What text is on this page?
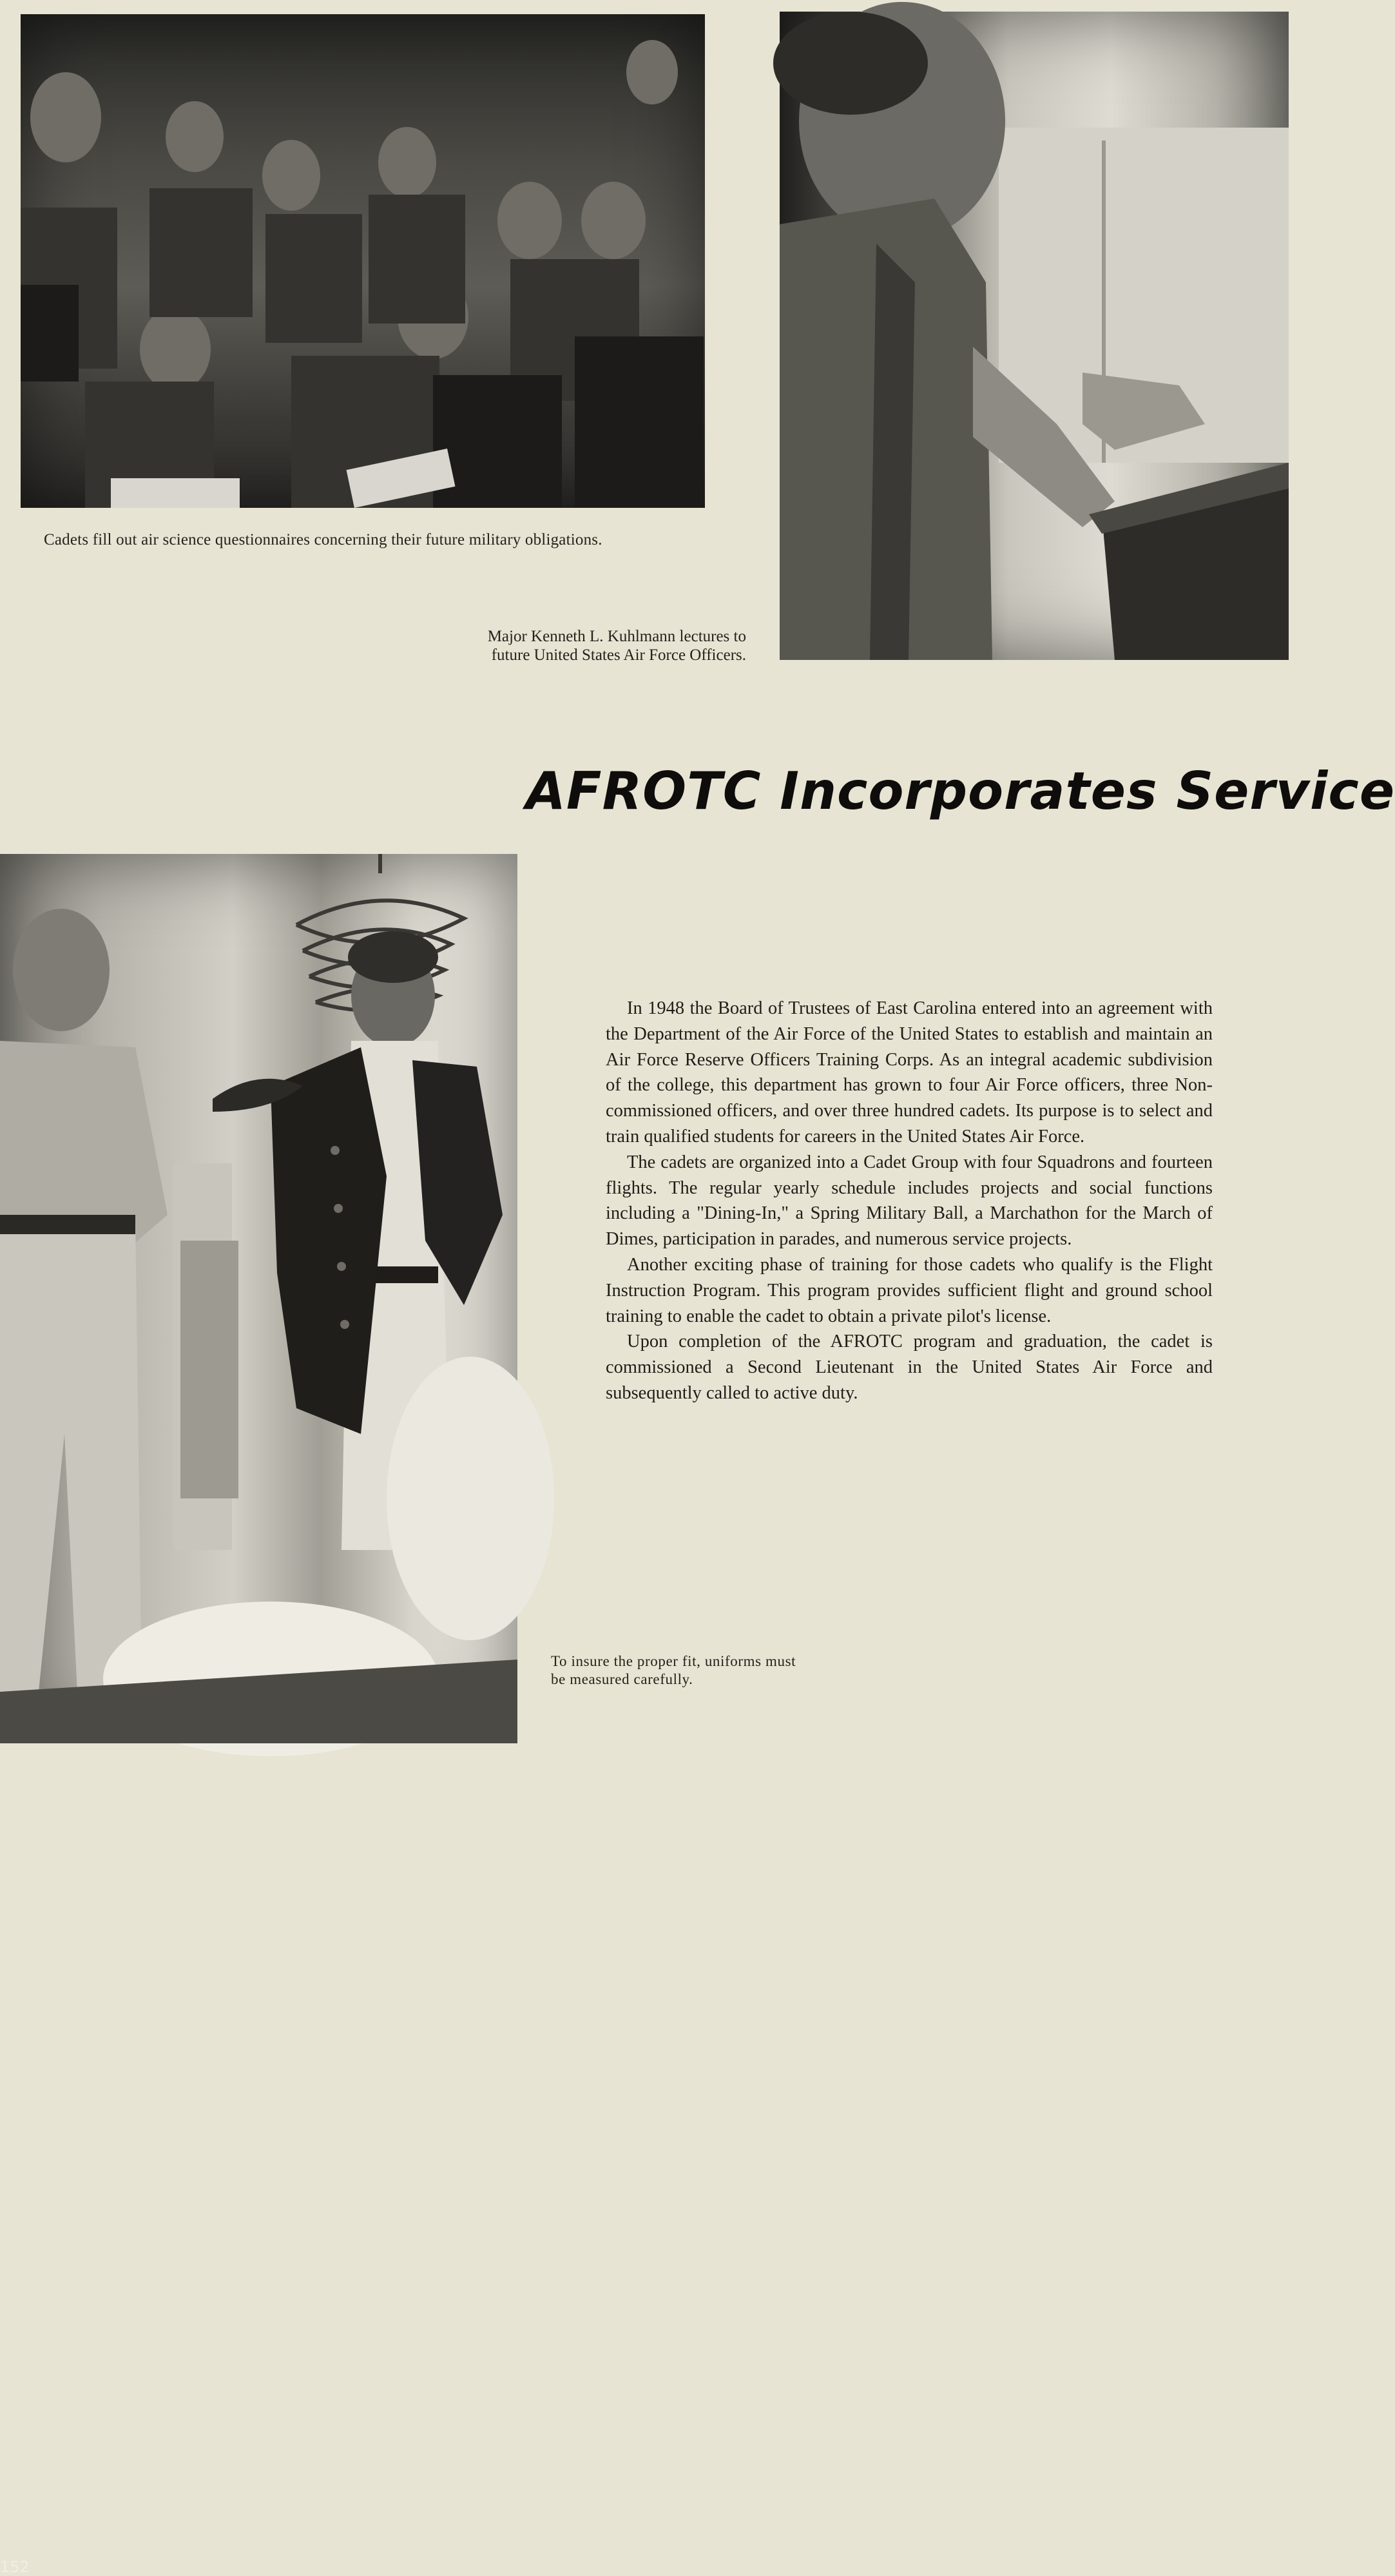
Cadets fill out air science questionnaires concerning their future military obligations.

Major Kenneth L. Kuhlmann lectures to
future United States Air Force Officers.
AFROTC Incorporates Service
152

In 1948 the Board of Trustees of East Carolina entered into an agreement with the Department of the Air Force of the United States to establish and maintain an Air Force Reserve Officers Training Corps. As an integral academic subdivision of the college, this department has grown to four Air Force officers, three Non-commissioned officers, and over three hundred cadets. Its purpose is to select and train qualified students for careers in the United States Air Force.

The cadets are organized into a Cadet Group with four Squadrons and fourteen flights. The regular yearly schedule includes projects and social functions including a "Dining-In," a Spring Military Ball, a Marchathon for the March of Dimes, participation in parades, and numerous service projects.

Another exciting phase of training for those cadets who qualify is the Flight Instruction Program. This program provides sufficient flight and ground school training to enable the cadet to obtain a private pilot's license.

Upon completion of the AFROTC program and graduation, the cadet is commissioned a Second Lieutenant in the United States Air Force and subsequently called to active duty.

To insure the proper fit, uniforms must
be measured carefully.
